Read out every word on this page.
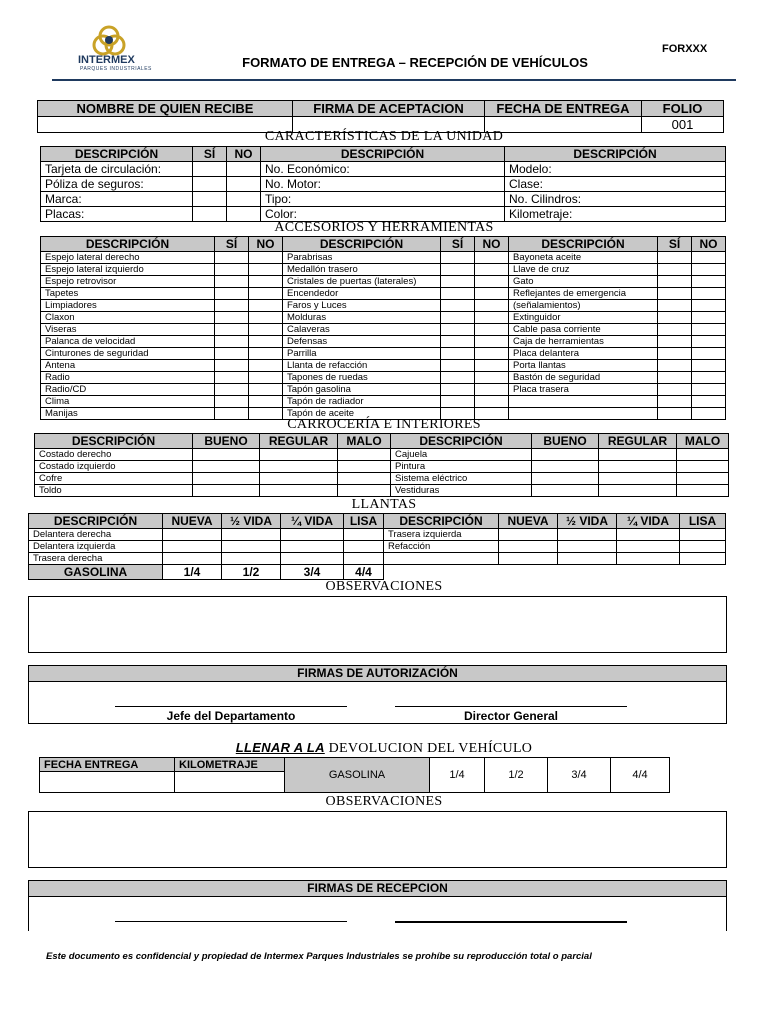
INTERMEX
PARQUES INDUSTRIALES	FORMATO DE ENTREGA – RECEPCIÓN DE VEHÍCULOS
FORXXX
NOMBRE DE QUIEN RECIBE	FIRMA DE ACEPTACION	FECHA DE ENTREGA	FOLIO
			001
CARACTERÍSTICAS DE LA UNIDAD
DESCRIPCIÓN	SÍ	NO	DESCRIPCIÓN	DESCRIPCIÓN
Tarjeta de circulación:			No. Económico:	Modelo:
Póliza de seguros:			No. Motor:	Clase:
Marca:			Tipo:	No. Cilindros:
Placas:			Color:	Kilometraje:
ACCESORIOS Y HERRAMIENTAS
DESCRIPCIÓN	SÍ	NO	DESCRIPCIÓN	SÍ	NO	DESCRIPCIÓN	SÍ	NO
Espejo lateral derecho			Parabrisas			Bayoneta aceite		
Espejo lateral izquierdo			Medallón trasero			Llave de cruz		
Espejo retrovisor			Cristales de puertas (laterales)			Gato		
Tapetes			Encendedor			Reflejantes de emergencia		
Limpiadores			Faros y Luces			(señalamientos)		
Claxon			Molduras			Extinguidor		
Viseras			Calaveras			Cable pasa corriente		
Palanca de velocidad			Defensas			Caja de herramientas		
Cinturones de seguridad			Parrilla			Placa delantera		
Antena			Llanta de refacción			Porta llantas		
Radio			Tapones de ruedas			Bastón de seguridad		
Radio/CD			Tapón gasolina			Placa trasera		
Clima			Tapón de radiador					
Manijas			Tapón de aceite					
CARROCERÍA E INTERIORES
DESCRIPCIÓN	BUENO	REGULAR	MALO	DESCRIPCIÓN	BUENO	REGULAR	MALO
Costado derecho				Cajuela			
Costado izquierdo				Pintura			
Cofre				Sistema eléctrico			
Toldo				Vestiduras			
LLANTAS
DESCRIPCIÓN	NUEVA	½ VIDA	¼ VIDA	LISA	DESCRIPCIÓN	NUEVA	½ VIDA	¼ VIDA	LISA
Delantera derecha					Trasera izquierda				
Delantera izquierda					Refacción				
Trasera derecha									
GASOLINA	1/4	1/2	3/4	4/4					
OBSERVACIONES
FIRMAS DE AUTORIZACIÓN
Jefe del Departamento	Director General
LLENAR A LA DEVOLUCION DEL VEHÍCULO
FECHA ENTREGA	KILOMETRAJE	GASOLINA	1/4	1/2	3/4	4/4

OBSERVACIONES
FIRMAS DE RECEPCION
Este documento es confidencial y propiedad de Intermex Parques Industriales se prohíbe su reproducción total o parcial
